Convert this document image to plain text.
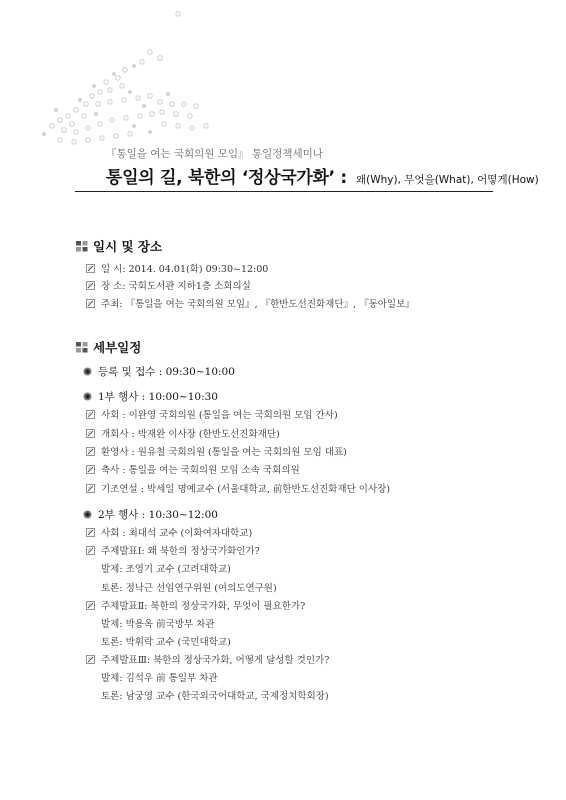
『통일을 여는 국회의원 모임』 통일정책세미나
통일의 길, 북한의 ‘정상국가화’ : 왜(Why), 무엇을(What), 어떻게(How)
일시 및 장소
일 시: 2014. 04.01(화) 09:30~12:00
장 소: 국회도서관 지하1층 소회의실
주최: 『통일을 여는 국회의원 모임』, 『한반도선진화재단』, 『동아일보』
세부일정
등록 및 접수 : 09:30~10:00
1부 행사 : 10:00~10:30
사회 : 이완영 국회의원 (통일을 여는 국회의원 모임 간사)
개회사 : 박재완 이사장 (한반도선진화재단)
환영사 : 원유철 국회의원 (통일을 여는 국회의원 모임 대표)
축사 : 통일을 여는 국회의원 모임 소속 국회의원
기조연설 : 박세일 명예교수 (서울대학교, 前한반도선진화재단 이사장)
2부 행사 : 10:30~12:00
사회 : 최대석 교수 (이화여자대학교)
주제발표Ⅰ: 왜 북한의 정상국가화인가?
발제: 조영기 교수 (고려대학교)
토론: 정낙근 선임연구위원 (여의도연구원)
주제발표Ⅱ: 북한의 정상국가화, 무엇이 필요한가?
발제: 박용옥 前국방부 차관
토론: 박휘락 교수 (국민대학교)
주제발표Ⅲ: 북한의 정상국가화, 어떻게 달성할 것인가?
발제: 김석우 前 통일부 차관
토론: 남궁영 교수 (한국외국어대학교, 국제정치학회장)
